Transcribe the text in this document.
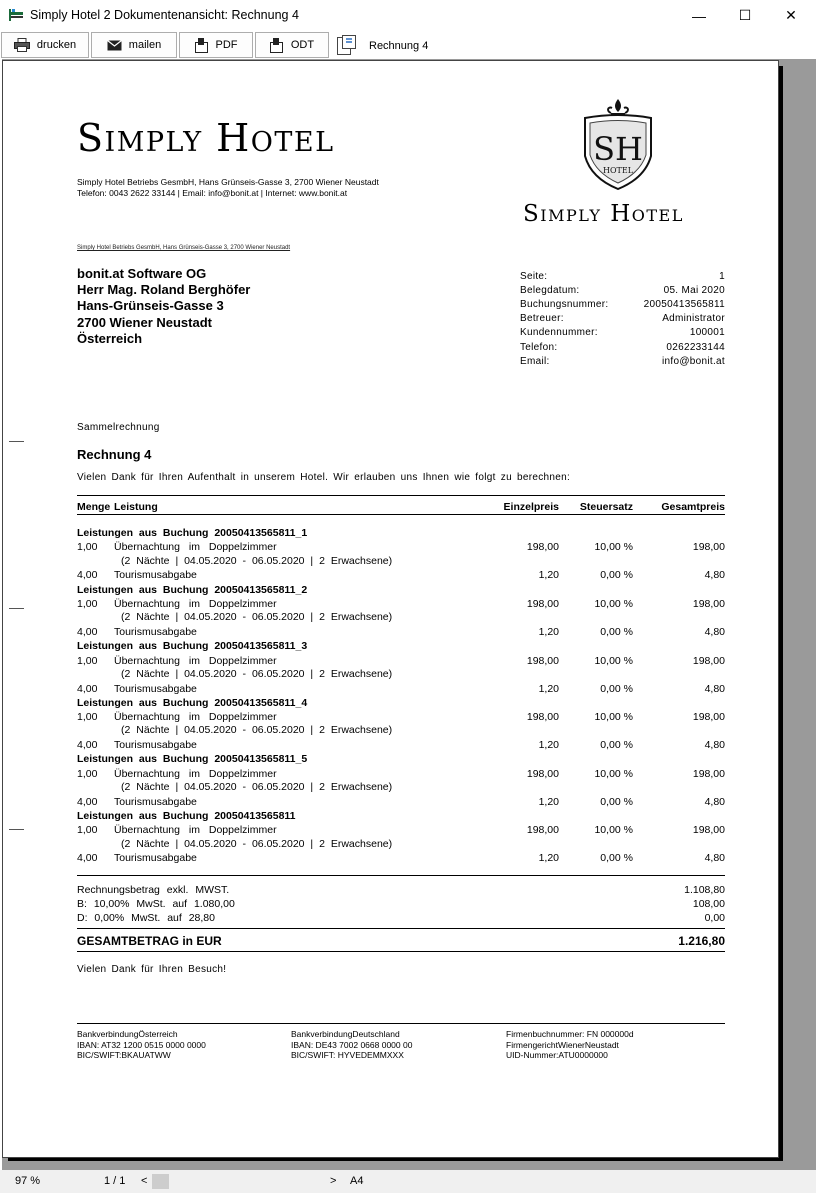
Simply Hotel 2 Dokumentenansicht: Rechnung 4	—	☐	✕
drucken	mailen	PDF	ODT	Rechnung 4
Simply Hotel
Simply Hotel Betriebs GesmbH, Hans Grünseis-Gasse 3, 2700 Wiener Neustadt
Telefon: 0043 2622 33144 | Email: info@bonit.at | Internet: www.bonit.at
SH
HOTEL
Simply Hotel
Simply Hotel Betriebs GesmbH, Hans Grünseis-Gasse 3, 2700 Wiener Neustadt
bonit.at Software OG
Herr Mag. Roland Berghöfer
Hans-Grünseis-Gasse 3
2700 Wiener Neustadt
Österreich
Seite:	1
Belegdatum:	05. Mai 2020
Buchungsnummer:	20050413565811
Betreuer:	Administrator
Kundennummer:	100001
Telefon:	0262233144
Email:	info@bonit.at
Sammelrechnung
Rechnung 4
Vielen Dank für Ihren Aufenthalt in unserem Hotel. Wir erlauben uns Ihnen wie folgt zu berechnen:
Menge Leistung	Einzelpreis Steuersatz	Gesamtpreis
Leistungen aus Buchung 20050413565811_1
1,00 Übernachtung im Doppelzimmer	198,00	10,00 %	198,00
(2 Nächte | 04.05.2020 - 06.05.2020 | 2 Erwachsene)
4,00 Tourismusabgabe	1,20	0,00 %	4,80
Leistungen aus Buchung 20050413565811_2
1,00 Übernachtung im Doppelzimmer	198,00	10,00 %	198,00
(2 Nächte | 04.05.2020 - 06.05.2020 | 2 Erwachsene)
4,00 Tourismusabgabe	1,20	0,00 %	4,80
Leistungen aus Buchung 20050413565811_3
1,00 Übernachtung im Doppelzimmer	198,00	10,00 %	198,00
(2 Nächte | 04.05.2020 - 06.05.2020 | 2 Erwachsene)
4,00 Tourismusabgabe	1,20	0,00 %	4,80
Leistungen aus Buchung 20050413565811_4
1,00 Übernachtung im Doppelzimmer	198,00	10,00 %	198,00
(2 Nächte | 04.05.2020 - 06.05.2020 | 2 Erwachsene)
4,00 Tourismusabgabe	1,20	0,00 %	4,80
Leistungen aus Buchung 20050413565811_5
1,00 Übernachtung im Doppelzimmer	198,00	10,00 %	198,00
(2 Nächte | 04.05.2020 - 06.05.2020 | 2 Erwachsene)
4,00 Tourismusabgabe	1,20	0,00 %	4,80
Leistungen aus Buchung 20050413565811
1,00 Übernachtung im Doppelzimmer	198,00	10,00 %	198,00
(2 Nächte | 04.05.2020 - 06.05.2020 | 2 Erwachsene)
4,00 Tourismusabgabe	1,20	0,00 %	4,80
Rechnungsbetrag exkl. MWST.	1.108,80
B: 10,00% MwSt. auf 1.080,00	108,00
D: 0,00% MwSt. auf 28,80	0,00
GESAMTBETRAG in EUR	1.216,80
Vielen Dank für Ihren Besuch!
BankverbindungÖsterreich
IBAN: AT32 1200 0515 0000 0000
BIC/SWIFT:BKAUATWW
BankverbindungDeutschland
IBAN: DE43 7002 0668 0000 00
BIC/SWIFT: HYVEDEMMXXX
Firmenbuchnummer: FN 000000d
FirmengerichtWienerNeustadt
UID-Nummer:ATU0000000
97 %	1 / 1 <	> A4
